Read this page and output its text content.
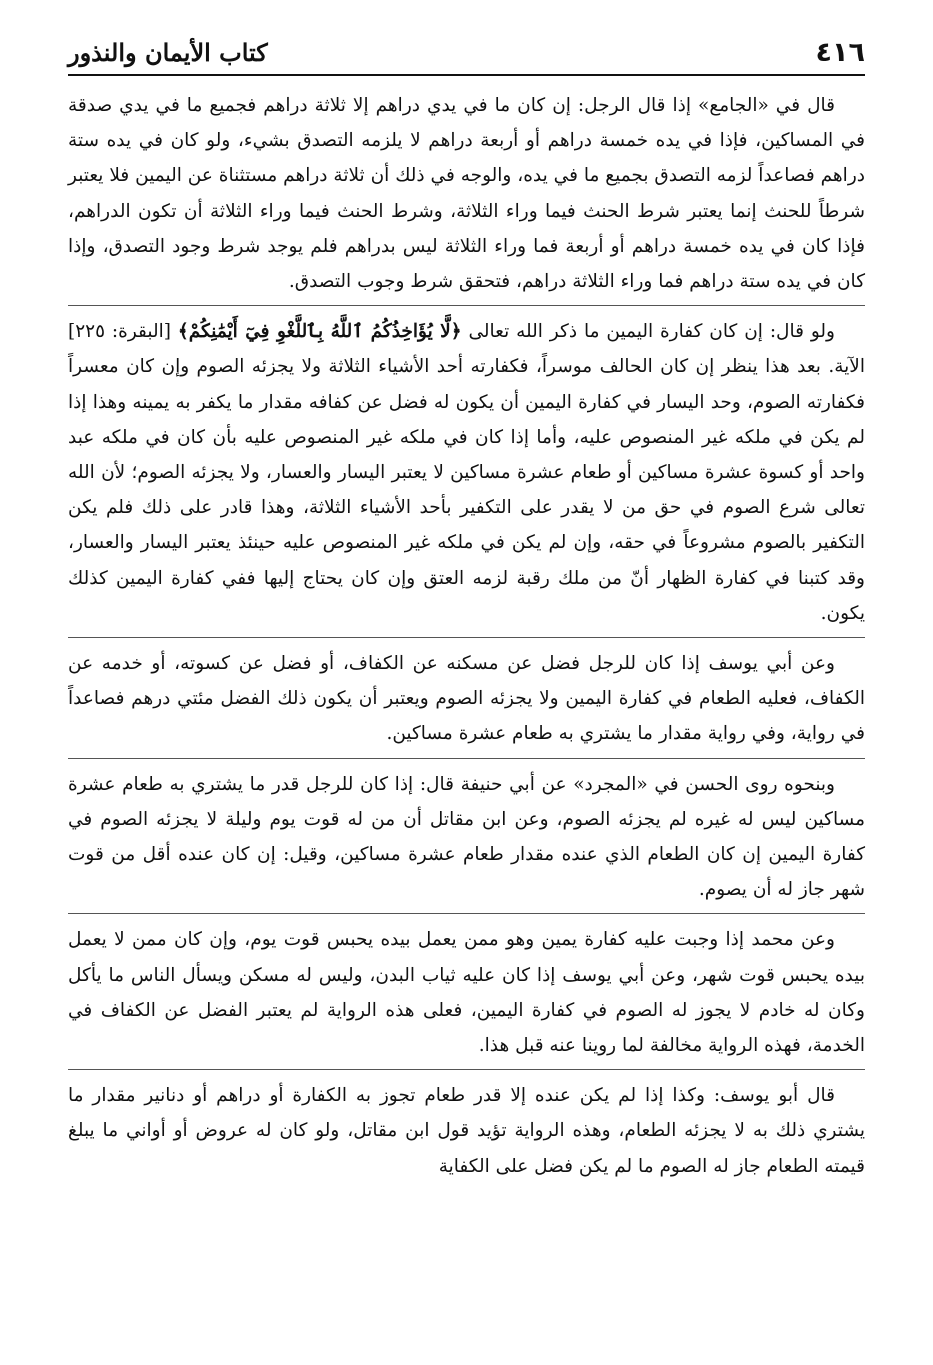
٤١٦
كتاب الأيمان والنذور

قال في «الجامع» إذا قال الرجل: إن كان ما في يدي دراهم إلا ثلاثة دراهم فجميع ما في يدي صدقة في المساكين، فإذا في يده خمسة دراهم أو أربعة دراهم لا يلزمه التصدق بشيء، ولو كان في يده ستة دراهم فصاعداً لزمه التصدق بجميع ما في يده، والوجه في ذلك أن ثلاثة دراهم مستثناة عن اليمين فلا يعتبر شرطاً للحنث إنما يعتبر شرط الحنث فيما وراء الثلاثة، وشرط الحنث فيما وراء الثلاثة أن تكون الدراهم، فإذا كان في يده خمسة دراهم أو أربعة فما وراء الثلاثة ليس بدراهم فلم يوجد شرط وجود التصدق، وإذا كان في يده ستة دراهم فما وراء الثلاثة دراهم، فتحقق شرط وجوب التصدق.

ولو قال: إن كان كفارة اليمين ما ذكر الله تعالى ﴿لَّا يُؤَاخِذُكُمُ ٱللَّهُ بِٱللَّغْوِ فِيٓ أَيْمَٰنِكُمْ﴾ [البقرة: ٢٢٥] الآية. بعد هذا ينظر إن كان الحالف موسراً، فكفارته أحد الأشياء الثلاثة ولا يجزئه الصوم وإن كان معسراً فكفارته الصوم، وحد اليسار في كفارة اليمين أن يكون له فضل عن كفافه مقدار ما يكفر به يمينه وهذا إذا لم يكن في ملكه غير المنصوص عليه، وأما إذا كان في ملكه غير المنصوص عليه بأن كان في ملكه عبد واحد أو كسوة عشرة مساكين أو طعام عشرة مساكين لا يعتبر اليسار والعسار، ولا يجزئه الصوم؛ لأن الله تعالى شرع الصوم في حق من لا يقدر على التكفير بأحد الأشياء الثلاثة، وهذا قادر على ذلك فلم يكن التكفير بالصوم مشروعاً في حقه، وإن لم يكن في ملكه غير المنصوص عليه حينئذ يعتبر اليسار والعسار، وقد كتبنا في كفارة الظهار أنّ من ملك رقبة لزمه العتق وإن كان يحتاج إليها ففي كفارة اليمين كذلك يكون.

وعن أبي يوسف إذا كان للرجل فضل عن مسكنه عن الكفاف، أو فضل عن كسوته، أو خدمه عن الكفاف، فعليه الطعام في كفارة اليمين ولا يجزئه الصوم ويعتبر أن يكون ذلك الفضل مئتي درهم فصاعداً في رواية، وفي رواية مقدار ما يشتري به طعام عشرة مساكين.

وبنحوه روى الحسن في «المجرد» عن أبي حنيفة قال: إذا كان للرجل قدر ما يشتري به طعام عشرة مساكين ليس له غيره لم يجزئه الصوم، وعن ابن مقاتل أن من له قوت يوم وليلة لا يجزئه الصوم في كفارة اليمين إن كان الطعام الذي عنده مقدار طعام عشرة مساكين، وقيل: إن كان عنده أقل من قوت شهر جاز له أن يصوم.

وعن محمد إذا وجبت عليه كفارة يمين وهو ممن يعمل بيده يحبس قوت يوم، وإن كان ممن لا يعمل بيده يحبس قوت شهر، وعن أبي يوسف إذا كان عليه ثياب البدن، وليس له مسكن ويسأل الناس ما يأكل وكان له خادم لا يجوز له الصوم في كفارة اليمين، فعلى هذه الرواية لم يعتبر الفضل عن الكفاف في الخدمة، فهذه الرواية مخالفة لما روينا عنه قبل هذا.

قال أبو يوسف: وكذا إذا لم يكن عنده إلا قدر طعام تجوز به الكفارة أو دراهم أو دنانير مقدار ما يشتري ذلك به لا يجزئه الطعام، وهذه الرواية تؤيد قول ابن مقاتل، ولو كان له عروض أو أواني ما يبلغ قيمته الطعام جاز له الصوم ما لم يكن فضل على الكفاية
